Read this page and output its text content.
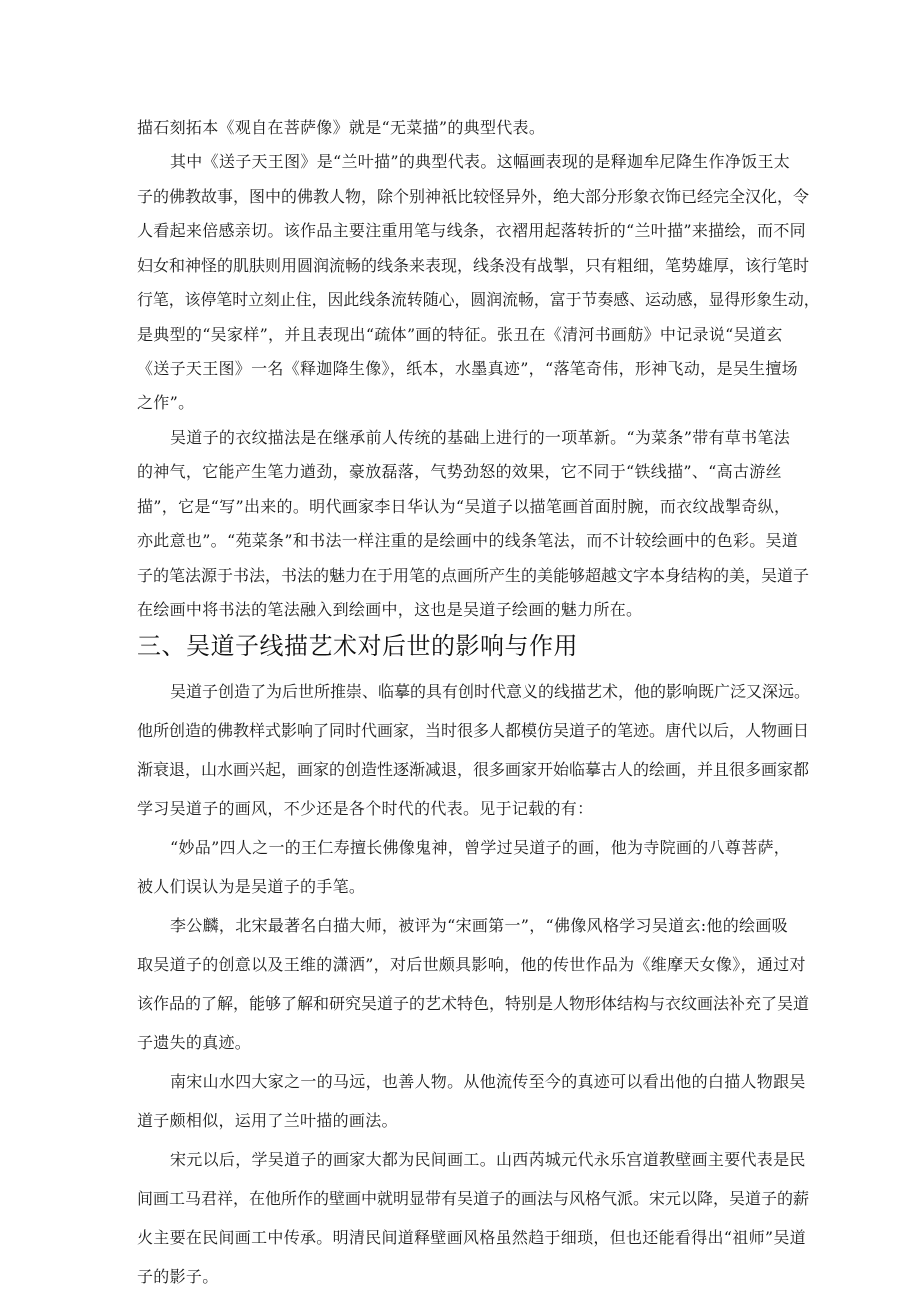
描石刻拓本《观自在菩萨像》就是“无菜描”的典型代表。
其中《送子天王图》是“兰叶描”的典型代表。这幅画表现的是释迦牟尼降生作净饭王太
子的佛教故事，图中的佛教人物，除个别神祇比较怪异外，绝大部分形象衣饰已经完全汉化，令
人看起来倍感亲切。该作品主要注重用笔与线条，衣褶用起落转折的“兰叶描”来描绘，而不同
妇女和神怪的肌肤则用圆润流畅的线条来表现，线条没有战掣，只有粗细，笔势雄厚，该行笔时
行笔，该停笔时立刻止住，因此线条流转随心，圆润流畅，富于节奏感、运动感，显得形象生动，
是典型的“吴家样”，并且表现出“疏体”画的特征。张丑在《清河书画舫》中记录说“吴道玄
《送子天王图》一名《释迦降生像》，纸本，水墨真迹”，“落笔奇伟，形神飞动，是吴生擅场
之作”。
吴道子的衣纹描法是在继承前人传统的基础上进行的一项革新。“为菜条”带有草书笔法
的神气，它能产生笔力遒劲，豪放磊落，气势劲怒的效果，它不同于“铁线描”、“高古游丝
描”，它是“写”出来的。明代画家李日华认为“吴道子以描笔画首面肘腕，而衣纹战掣奇纵，
亦此意也”。“苑菜条”和书法一样注重的是绘画中的线条笔法，而不计较绘画中的色彩。吴道
子的笔法源于书法，书法的魅力在于用笔的点画所产生的美能够超越文字本身结构的美，吴道子
三、吴道子线描艺术对后世的影响与作用
吴道子创造了为后世所推崇、临摹的具有创时代意义的线描艺术，他的影响既广泛又深远。
他所创造的佛教样式影响了同时代画家，当时很多人都模仿吴道子的笔迹。唐代以后，人物画日
渐衰退，山水画兴起，画家的创造性逐渐减退，很多画家开始临摹古人的绘画，并且很多画家都
学习吴道子的画风，不少还是各个时代的代表。见于记载的有：
“妙品”四人之一的王仁寿擅长佛像鬼神，曾学过吴道子的画，他为寺院画的八尊菩萨，
被人们误认为是吴道子的手笔。
李公麟，北宋最著名白描大师，被评为“宋画第一”，“佛像风格学习吴道玄:他的绘画吸
取吴道子的创意以及王维的潇洒”，对后世颇具影响，他的传世作品为《维摩天女像》，通过对
该作品的了解，能够了解和研究吴道子的艺术特色，特别是人物形体结构与衣纹画法补充了吴道
子遗失的真迹。
南宋山水四大家之一的马远，也善人物。从他流传至今的真迹可以看出他的白描人物跟吴
道子颇相似，运用了兰叶描的画法。
宋元以后，学吴道子的画家大都为民间画工。山西芮城元代永乐宫道教壁画主要代表是民
间画工马君祥，在他所作的壁画中就明显带有吴道子的画法与风格气派。宋元以降，吴道子的薪
火主要在民间画工中传承。明清民间道释壁画风格虽然趋于细琐，但也还能看得出“祖师”吴道
子的影子。
在绘画中将书法的笔法融入到绘画中，这也是吴道子绘画的魅力所在。
